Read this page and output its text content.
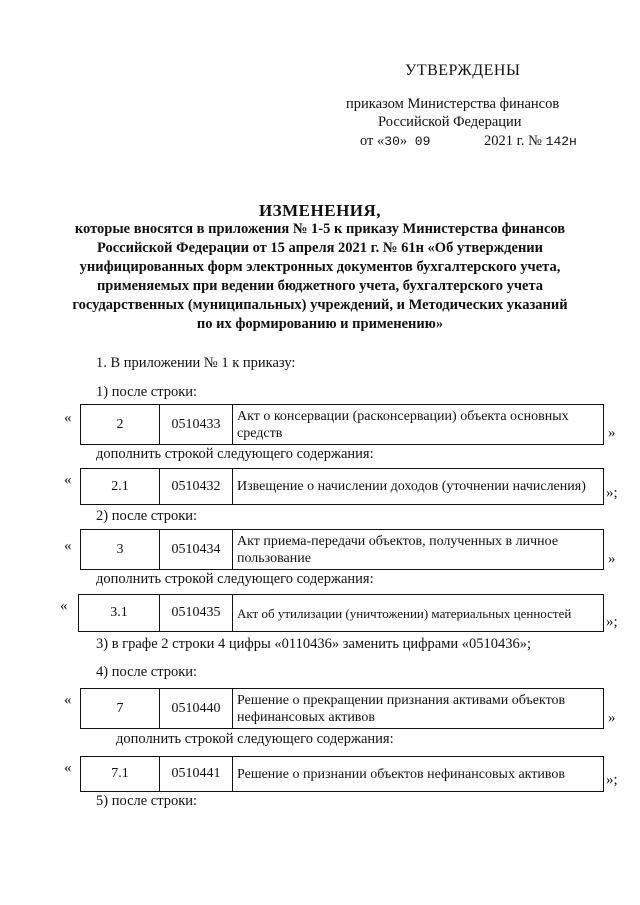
УТВЕРЖДЕНЫ
приказом Министерства финансов
Российской Федерации
от «30» 09	2021 г. № 142н
ИЗМЕНЕНИЯ,
которые вносятся в приложения № 1-5 к приказу Министерства финансов
Российской Федерации от 15 апреля 2021 г. № 61н «Об утверждении
унифицированных форм электронных документов бухгалтерского учета,
применяемых при ведении бюджетного учета, бухгалтерского учета
государственных (муниципальных) учреждений, и Методических указаний
по их формированию и применению»
1. В приложении № 1 к приказу:
1) после строки:
«	2	0510433	Акт о консервации (расконсервации) объекта основных
средств	»
дополнить строкой следующего содержания:
«	2.1	0510432	Извещение о начислении доходов (уточнении начисления) »;
2) после строки:
«	3	0510434	Акт приема-передачи объектов, полученных в личное
пользование	»
дополнить строкой следующего содержания:
«	3.1	0510435	Акт об утилизации (уничтожении) материальных ценностей
»;
3) в графе 2 строки 4 цифры «0110436» заменить цифрами «0510436»;
4) после строки:
«	7	0510440	Решение о прекращении признания активами объектов
нефинансовых активов	»
дополнить строкой следующего содержания:
«	7.1	0510441	Решение о признании объектов нефинансовых активов	»;
5) после строки:
